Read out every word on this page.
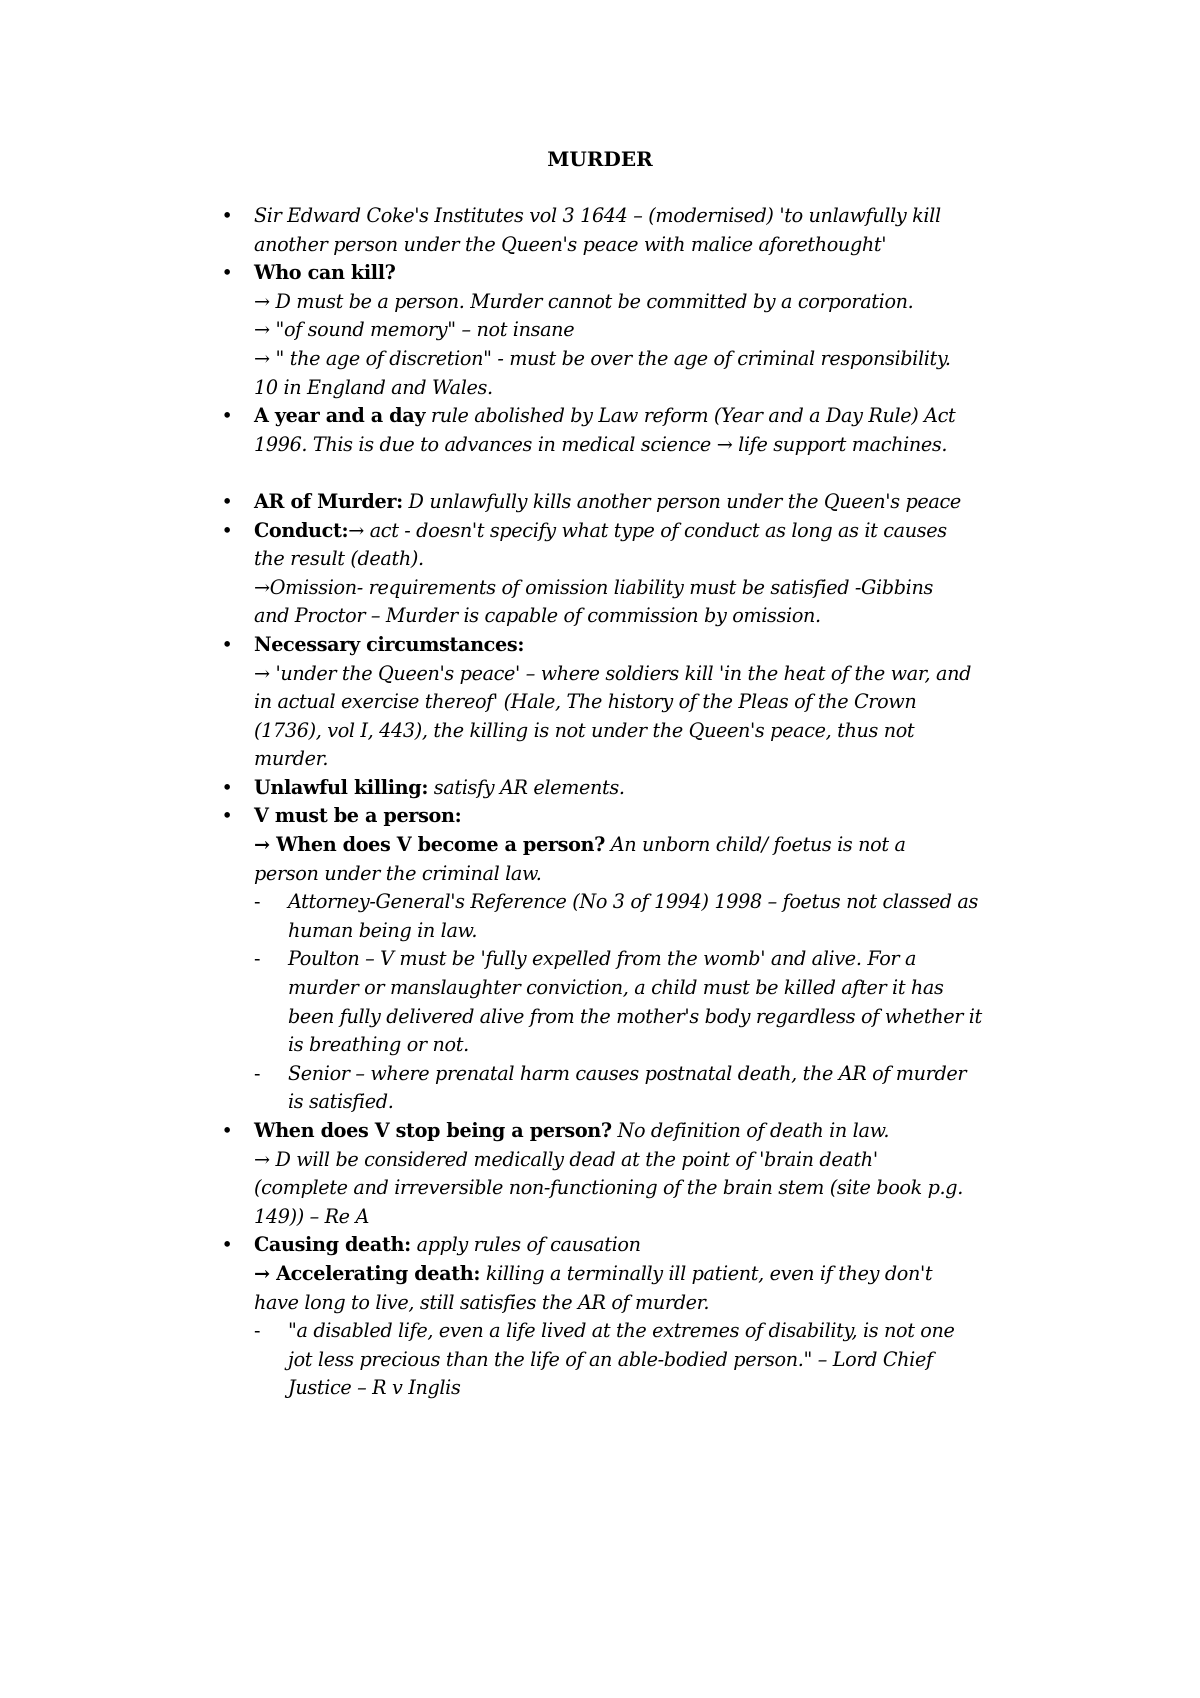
MURDER
• Sir Edward Coke's Institutes vol 3 1644 – (modernised) 'to unlawfully kill
another person under the Queen's peace with malice aforethought'
• Who can kill?
→ D must be a person. Murder cannot be committed by a corporation.
→ "of sound memory" – not insane
→ " the age of discretion" - must be over the age of criminal responsibility.
10 in England and Wales.
• A year and a day rule abolished by Law reform (Year and a Day Rule) Act
1996. This is due to advances in medical science → life support machines.
• AR of Murder: D unlawfully kills another person under the Queen's peace
• Conduct:→ act - doesn't specify what type of conduct as long as it causes
the result (death).
→Omission- requirements of omission liability must be satisfied -Gibbins
and Proctor – Murder is capable of commission by omission.
• Necessary circumstances:
→ 'under the Queen's peace' – where soldiers kill 'in the heat of the war, and
in actual exercise thereof' (Hale, The history of the Pleas of the Crown
(1736), vol I, 443), the killing is not under the Queen's peace, thus not
murder.
• Unlawful killing: satisfy AR elements.
• V must be a person:
→ When does V become a person? An unborn child/ foetus is not a
person under the criminal law.
- Attorney-General's Reference (No 3 of 1994) 1998 – foetus not classed as
human being in law.
- Poulton – V must be 'fully expelled from the womb' and alive. For a
murder or manslaughter conviction, a child must be killed after it has
been fully delivered alive from the mother's body regardless of whether it
is breathing or not.
- Senior – where prenatal harm causes postnatal death, the AR of murder
is satisfied.
• When does V stop being a person? No definition of death in law.
→ D will be considered medically dead at the point of 'brain death'
(complete and irreversible non-functioning of the brain stem (site book p.g.
149)) – Re A
• Causing death: apply rules of causation
→ Accelerating death: killing a terminally ill patient, even if they don't
have long to live, still satisfies the AR of murder.
- "a disabled life, even a life lived at the extremes of disability, is not one
jot less precious than the life of an able-bodied person." – Lord Chief
Justice – R v Inglis
